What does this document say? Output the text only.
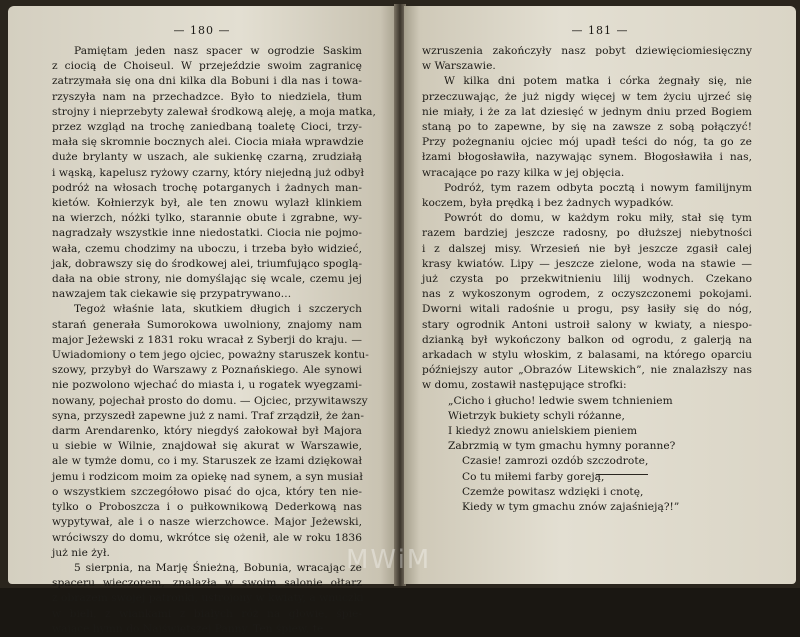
— 180 —
Pamiętam jeden nasz spacer w ogrodzie Saskim
z ciocią de Choiseul. W przejeździe swoim zagranicę
zatrzymała się ona dni kilka dla Bobuni i dla nas i towa-
rzyszyła nam na przechadzce. Było to niedziela, tłum
strojny i nieprzebyty zalewał środkową aleję, a moja matka,
przez wzgląd na trochę zaniedbaną toaletę Cioci, trzy-
mała się skromnie bocznych alei. Ciocia miała wprawdzie
duże brylanty w uszach, ale sukienkę czarną, zrudziałą
i wąską, kapelusz ryżowy czarny, który niejedną już odbył
podróż na włosach trochę potarganych i żadnych man-
kietów. Kołnierzyk był, ale ten znowu wylazł klinkiem
na wierzch, nóżki tylko, starannie obute i zgrabne, wy-
nagradzały wszystkie inne niedostatki. Ciocia nie pojmo-
wała, czemu chodzimy na uboczu, i trzeba było widzieć,
jak, dobrawszy się do środkowej alei, triumfująco spoglą-
dała na obie strony, nie domyślając się wcale, czemu jej
nawzajem tak ciekawie się przypatrywano…
Tegoż właśnie lata, skutkiem długich i szczerych
starań generała Sumorokowa uwolniony, znajomy nam
major Jeżewski z 1831 roku wracał z Syberji do kraju. —
Uwiadomiony o tem jego ojciec, poważny staruszek kontu-
szowy, przybył do Warszawy z Poznańskiego. Ale synowi
nie pozwolono wjechać do miasta i, u rogatek wyegzami-
nowany, pojechał prosto do domu. — Ojciec, przywitawszy
syna, przyszedł zapewne już z nami. Traf zrządził, że żan-
darm Arendarenko, który niegdyś załokował był Majora
u siebie w Wilnie, znajdował się akurat w Warszawie,
ale w tymże domu, co i my. Staruszek ze łzami dziękował
jemu i rodzicom moim za opiekę nad synem, a syn musiał
o wszystkiem szczegółowo pisać do ojca, który ten nie-
tylko o Proboszcza i o pułkownikową Dederkową nas
wypytywał, ale i o nasze wierzchowce. Major Jeżewski,
wróciwszy do domu, wkrótce się ożenił, ale w roku 1836
już nie żył.
5 sierpnia, na Marję Śnieżną, Bobunia, wracając ze
spaceru wieczorem, znalazła w swoim salonie ołtarz
z obrazem swojej patronki, ustrojony w kwiaty, a wnuczki
w bieli, z wiankami z białych róż na głowie, śpie-
wające hymn do Najświętszej Panny. Ten śpiew, te
— 181 —
wzruszenia zakończyły nasz pobyt dziewięciomiesięczny
w Warszawie.
W kilka dni potem matka i córka żegnały się, nie
przeczuwając, że już nigdy więcej w tem życiu ujrzeć się
nie miały, i że za lat dziesięć w jednym dniu przed Bogiem
staną po to zapewne, by się na zawsze z sobą połączyć!
Przy pożegnaniu ojciec mój upadł teści do nóg, ta go ze
łzami błogosławiła, nazywając synem. Błogosławiła i nas,
wracające po razy kilka w jej objęcia.
Podróż, tym razem odbyta pocztą i nowym familijnym
koczem, była prędką i bez żadnych wypadków.
Powrót do domu, w każdym roku miły, stał się tym
razem bardziej jeszcze radosny, po dłuższej niebytności
i z dalszej misy. Wrzesień nie był jeszcze zgasił calej
krasy kwiatów. Lipy — jeszcze zielone, woda na stawie —
już czysta po przekwitnieniu lilij wodnych. Czekano
nas z wykoszonym ogrodem, z oczyszczonemi pokojami.
Dworni witali radośnie u progu, psy łasiły się do nóg,
stary ogrodnik Antoni ustroił salony w kwiaty, a niespo-
dzianką był wykończony balkon od ogrodu, z galerją na
arkadach w stylu włoskim, z balasami, na którego oparciu
późniejszy autor „Obrazów Litewskich”, nie znalazłszy nas
w domu, zostawił następujące strofki:
„Cicho i głucho! ledwie swem tchnieniem
Wietrzyk bukiety schyli różanne,
I kiedyż znowu anielskiem pieniem
Zabrzmią w tym gmachu hymny poranne?
Czasie! zamrozi ozdób szczodrote,
Co tu miłemi farby goreją,
Czemże powitasz wdzięki i cnotę,
Kiedy w tym gmachu znów zajaśnieją?!”
MWiM
